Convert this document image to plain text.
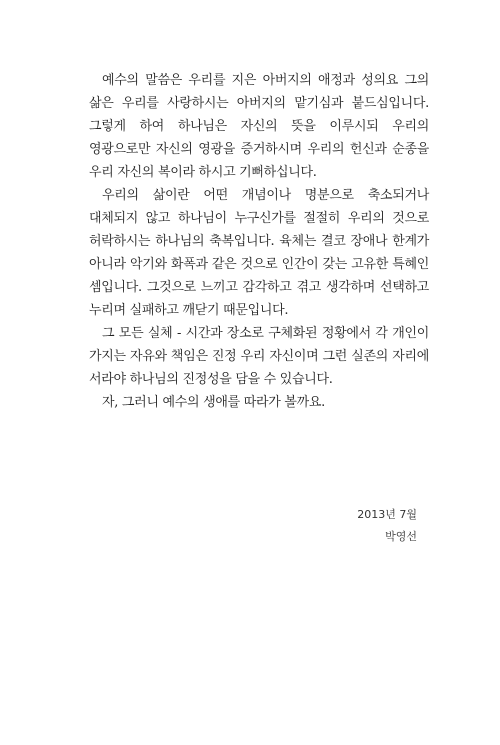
예수의 말씀은 우리를 지은 아버지의 애정과 성의요 그의 삶은 우리를 사랑하시는 아버지의 맡기심과 붙드심입니다. 그렇게 하여 하나님은 자신의 뜻을 이루시되 우리의 영광으로만 자신의 영광을 증거하시며 우리의 헌신과 순종을 우리 자신의 복이라 하시고 기뻐하십니다.

우리의 삶이란 어떤 개념이나 명분으로 축소되거나 대체되지 않고 하나님이 누구신가를 절절히 우리의 것으로 허락하시는 하나님의 축복입니다. 육체는 결코 장애나 한계가 아니라 악기와 화폭과 같은 것으로 인간이 갖는 고유한 특혜인 셈입니다. 그것으로 느끼고 감각하고 겪고 생각하며 선택하고 누리며 실패하고 깨닫기 때문입니다.

그 모든 실체 - 시간과 장소로 구체화된 정황에서 각 개인이 가지는 자유와 책임은 진정 우리 자신이며 그런 실존의 자리에 서라야 하나님의 진정성을 담을 수 있습니다.

자, 그러니 예수의 생애를 따라가 볼까요.

2013년 7월
박영선
